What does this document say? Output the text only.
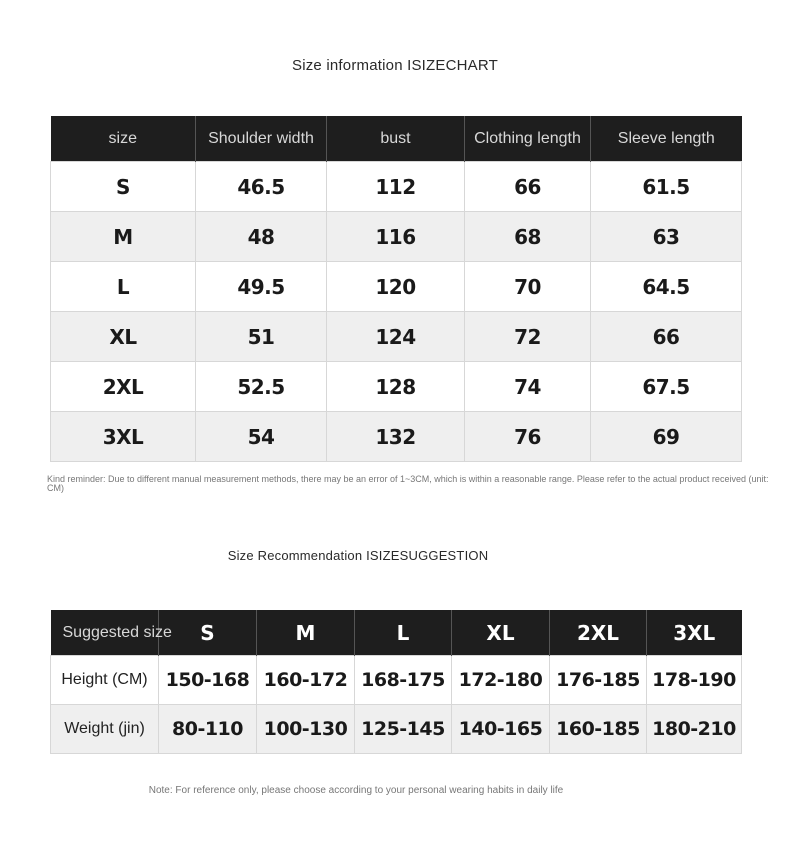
Size information ISIZECHART
size	Shoulder width	bust	Clothing length	Sleeve length
S	46.5	112	66	61.5
M	48	116	68	63
L	49.5	120	70	64.5
XL	51	124	72	66
2XL	52.5	128	74	67.5
3XL	54	132	76	69
Kind reminder: Due to different manual measurement methods, there may be an error of 1~3CM, which is within a reasonable range. Please refer to the actual product received (unit: CM)
Size Recommendation ISIZESUGGESTION
Suggested size	S	M	L	XL	2XL	3XL
Height (CM)	150-168	160-172	168-175	172-180	176-185	178-190
Weight (jin)	80-110	100-130	125-145	140-165	160-185	180-210
Note: For reference only, please choose according to your personal wearing habits in daily life
